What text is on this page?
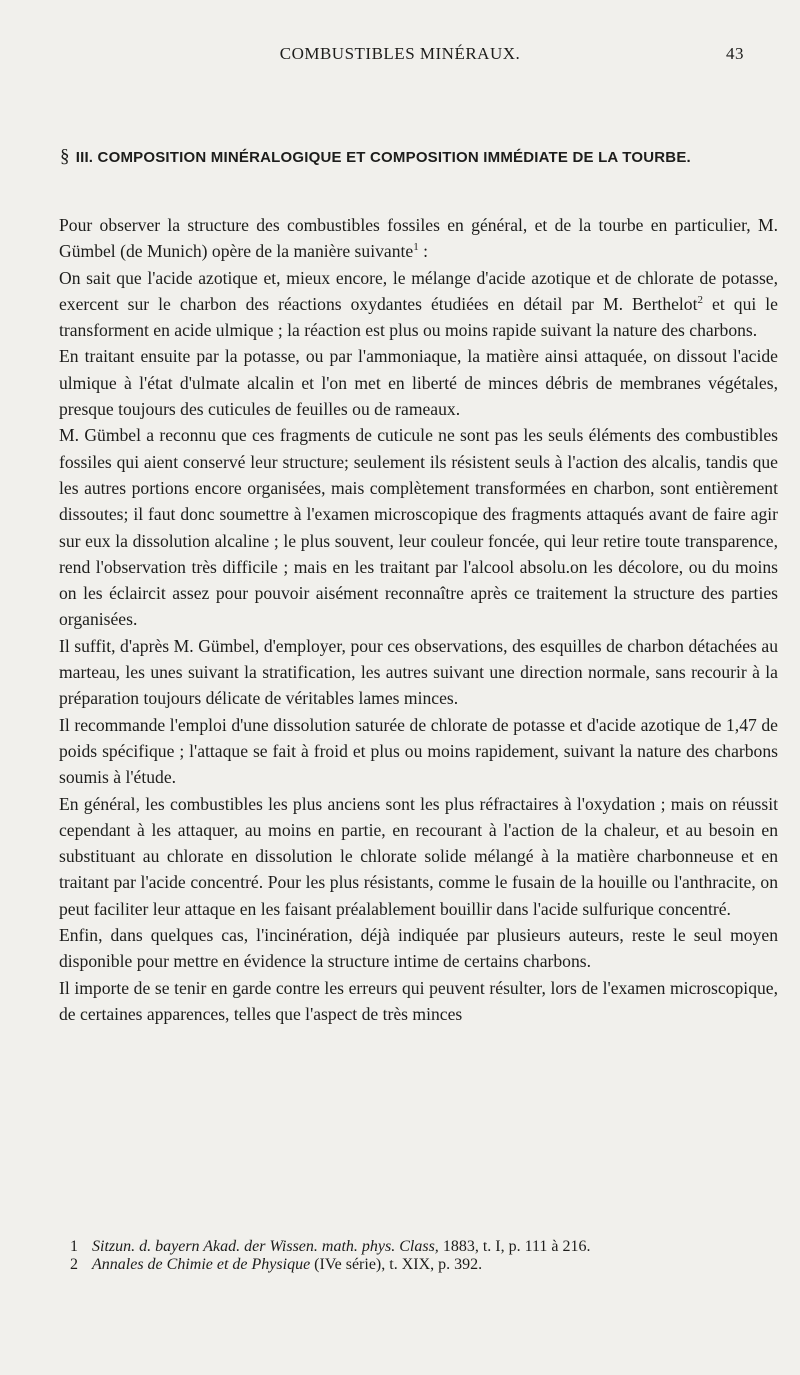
COMBUSTIBLES MINÉRAUX.	43
§ III. COMPOSITION MINÉRALOGIQUE ET COMPOSITION IMMÉDIATE DE LA TOURBE.

Pour observer la structure des combustibles fossiles en général, et de la tourbe en particulier, M. Gümbel (de Munich) opère de la manière suivante$^1$ :

On sait que l'acide azotique et, mieux encore, le mélange d'acide azotique et de chlorate de potasse, exercent sur le charbon des réactions oxydantes étudiées en détail par M. Berthelot$^2$ et qui le transforment en acide ulmique ; la réaction est plus ou moins rapide suivant la nature des charbons.

En traitant ensuite par la potasse, ou par l'ammoniaque, la matière ainsi attaquée, on dissout l'acide ulmique à l'état d'ulmate alcalin et l'on met en liberté de minces débris de membranes végétales, presque toujours des cuticules de feuilles ou de rameaux.

M. Gümbel a reconnu que ces fragments de cuticule ne sont pas les seuls éléments des combustibles fossiles qui aient conservé leur structure; seulement ils résistent seuls à l'action des alcalis, tandis que les autres portions encore organisées, mais complètement transformées en charbon, sont entièrement dissoutes; il faut donc soumettre à l'examen microscopique des fragments attaqués avant de faire agir sur eux la dissolution alcaline ; le plus souvent, leur couleur foncée, qui leur retire toute transparence, rend l'observation très difficile ; mais en les traitant par l'alcool absolu.on les décolore, ou du moins on les éclaircit assez pour pouvoir aisément reconnaître après ce traitement la structure des parties organisées.

Il suffit, d'après M. Gümbel, d'employer, pour ces observations, des esquilles de charbon détachées au marteau, les unes suivant la stratification, les autres suivant une direction normale, sans recourir à la préparation toujours délicate de véritables lames minces.

Il recommande l'emploi d'une dissolution saturée de chlorate de potasse et d'acide azotique de 1,47 de poids spécifique ; l'attaque se fait à froid et plus ou moins rapidement, suivant la nature des charbons soumis à l'étude.

En général, les combustibles les plus anciens sont les plus réfractaires à l'oxydation ; mais on réussit cependant à les attaquer, au moins en partie, en recourant à l'action de la chaleur, et au besoin en substituant au chlorate en dissolution le chlorate solide mélangé à la matière charbonneuse et en traitant par l'acide concentré. Pour les plus résistants, comme le fusain de la houille ou l'anthracite, on peut faciliter leur attaque en les faisant préalablement bouillir dans l'acide sulfurique concentré.

Enfin, dans quelques cas, l'incinération, déjà indiquée par plusieurs auteurs, reste le seul moyen disponible pour mettre en évidence la structure intime de certains charbons.

Il importe de se tenir en garde contre les erreurs qui peuvent résulter, lors de l'examen microscopique, de certaines apparences, telles que l'aspect de très minces

1 Sitzun. d. bayern Akad. der Wissen. math. phys. Class, 1883, t. I, p. 111 à 216.
2 Annales de Chimie et de Physique (IVe série), t. XIX, p. 392.
